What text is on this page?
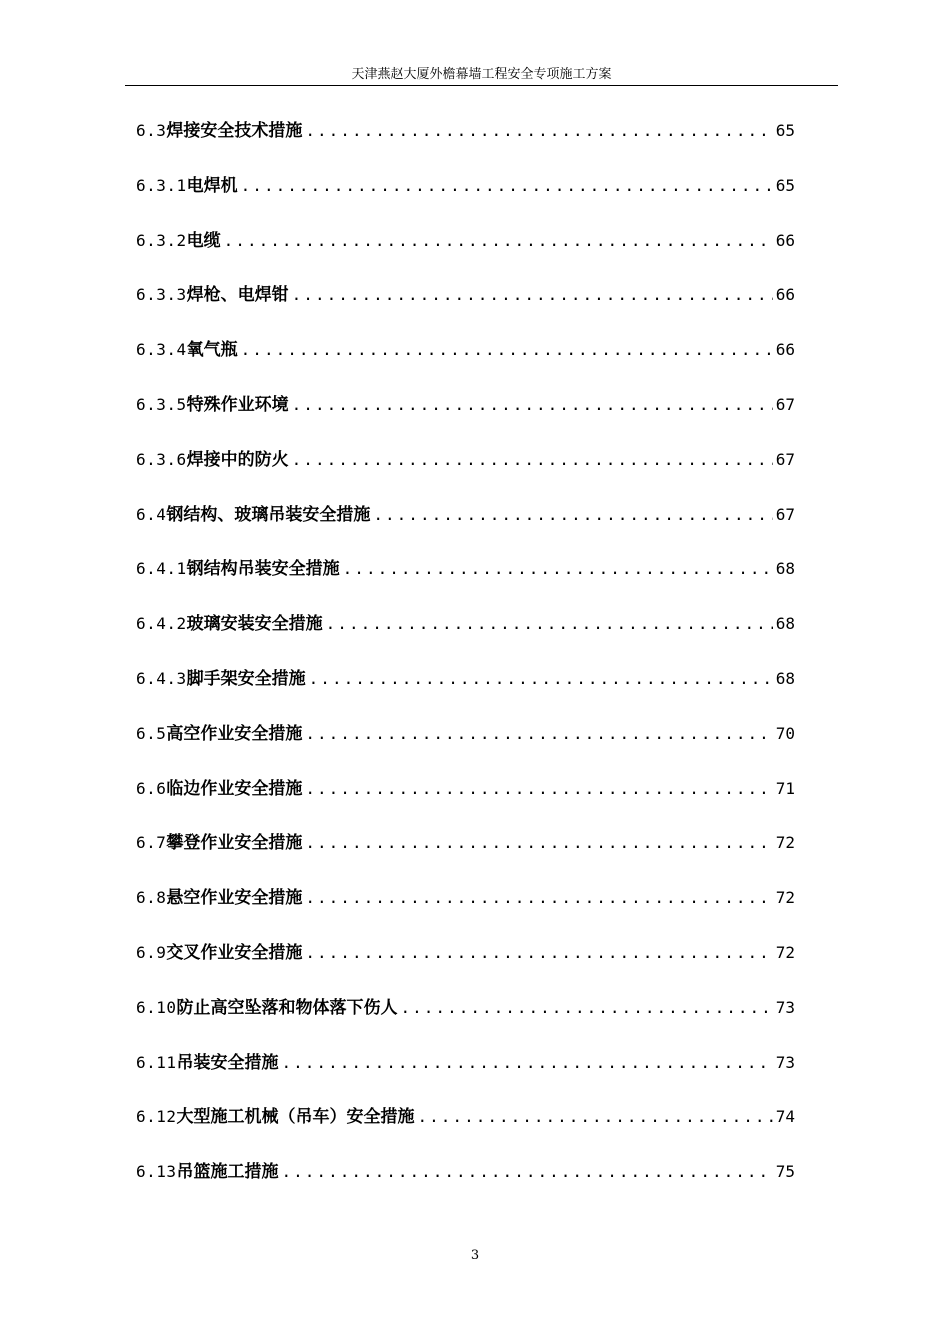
天津燕赵大厦外檐幕墙工程安全专项施工方案
6.3 焊接安全技术措施 .....	65
6.3.1 电焊机 .....	65
6.3.2 电缆 .....	66
6.3.3 焊枪、电焊钳 .....	66
6.3.4 氧气瓶 .....	66
6.3.5 特殊作业环境 .....	67
6.3.6 焊接中的防火 .....	67
6.4 钢结构、玻璃吊装安全措施 .....	67
6.4.1 钢结构吊装安全措施 .....	68
6.4.2 玻璃安装安全措施 .....	68
6.4.3 脚手架安全措施 .....	68
6.5 高空作业安全措施 .....	70
6.6 临边作业安全措施 .....	71
6.7 攀登作业安全措施 .....	72
6.8 悬空作业安全措施 .....	72
6.9 交叉作业安全措施 .....	72
6.10 防止高空坠落和物体落下伤人 .....	73
6.11 吊装安全措施 .....	73
6.12 大型施工机械（吊车）安全措施 .....	74
6.13 吊篮施工措施 .....	75
3
